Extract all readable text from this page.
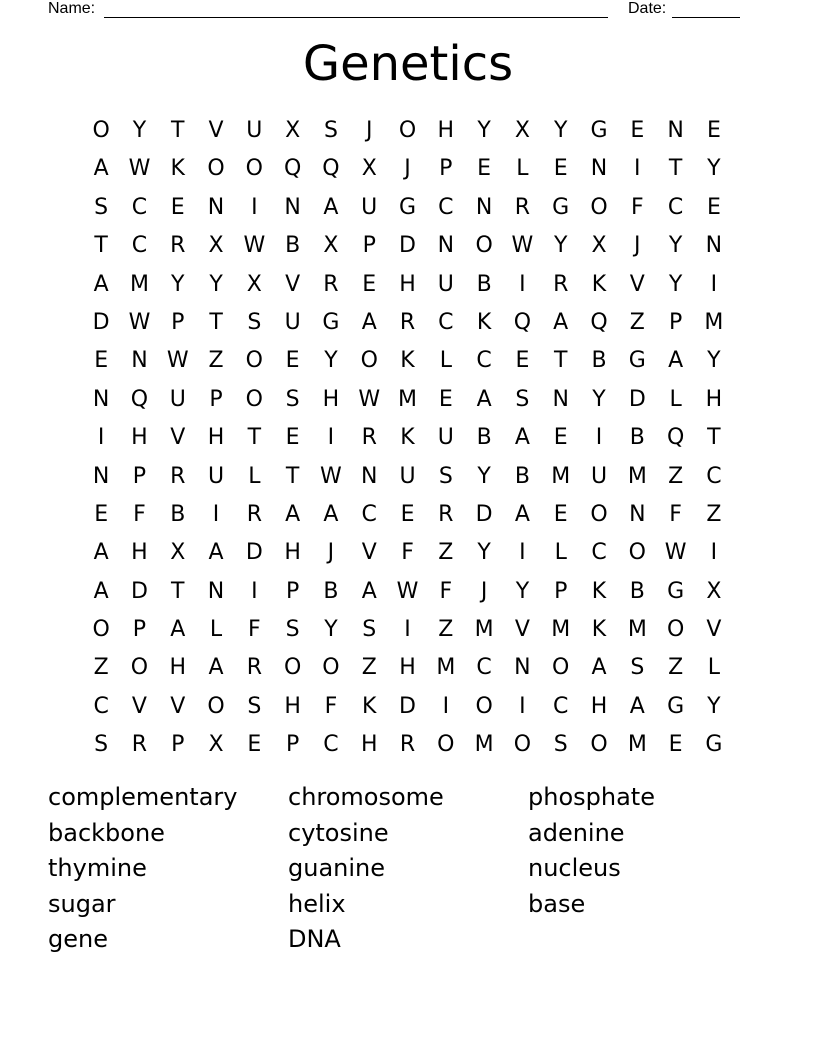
Name:	Date:
Genetics
O	Y	T	V	U	X	S	J	O H	Y	X	Y	G	E	N	E
A W K	O O Q Q	X	J	P	E	L	E	N	I	T	Y
S	C	E	N	I	N	A	U G	C	N	R	G O	F	C	E
T	C	R	X W B	X	P	D N O W Y	X	J	Y	N
A M	Y	Y	X	V	R	E	H U	B	I	R	K	V	Y	I
D W P	T	S	U G	A	R	C	K	Q	A	Q	Z	P	M
E	N W Z	O	E	Y	O	K	L	C	E	T	B	G	A	Y
N Q U	P	O	S	H W M E	A	S	N	Y	D	L	H
I	H	V	H	T	E	I	R	K	U	B	A	E	I	B	Q	T
N	P	R	U	L	T W N	U	S	Y	B M U M Z	C
E	F	B	I	R	A	A	C	E	R	D	A	E	O N	F	Z
A	H	X	A	D H	J	V	F	Z	Y	I	L	C O W	I
A	D	T	N	I	P	B	A W F	J	Y	P	K	B	G	X
O	P	A	L	F	S	Y	S	I	Z M V M K M O	V
Z	O H	A	R O O	Z	H M C	N O	A	S	Z	L
C	V	V	O	S	H	F	K	D	I	O	I	C	H	A	G	Y
S	R	P	X	E	P	C	H	R O M O	S	O M E	G
complementary	chromosome	phosphate
backbone	cytosine	adenine
thymine	guanine	nucleus
sugar	helix	base
gene	DNA
